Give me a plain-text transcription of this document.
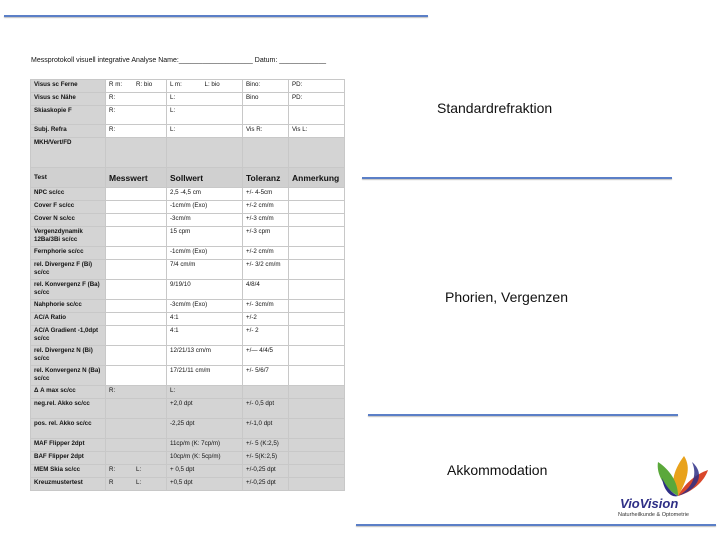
Messprotokoll visuell integrative Analyse Name:___________________ Datum: ____________
Visus sc Ferne	R m: R: bio	L m: L: bio	Bino:	PD:
Visus sc Nähe	R:	L:	Bino	PD:
Skiaskopie F	R:	L:		

Subj. Refra	R:	L:	Vis R:	Vis L:
MKH/Vert/FD	

Test	Messwert	Sollwert	Toleranz	Anmerkung
NPC sc/cc		2,5 -4,5 cm	+/- 4-5cm	
Cover F sc/cc		-1cm/m (Exo)	+/-2 cm/m	
Cover N sc/cc		-3cm/m	+/-3 cm/m	
Vergenzdynamik 12Ba/3Bi sc/cc		15 cpm	+/-3 cpm	
Fernphorie sc/cc		-1cm/m (Exo)	+/-2 cm/m	
rel. Divergenz F (Bi) sc/cc		7/4 cm/m	+/- 3/2 cm/m	
rel. Konvergenz F (Ba) sc/cc		9/19/10	4/8/4	
Nahphorie sc/cc		-3cm/m (Exo)	+/- 3cm/m	
AC/A Ratio		4:1	+/-2	
AC/A Gradient -1,0dpt sc/cc		4:1	+/- 2	
rel. Divergenz N (Bi) sc/cc		12/21/13 cm/m	+/— 4/4/5	
rel. Konvergenz N (Ba) sc/cc		17/21/11 cm/m	+/- 5/6/7	
Δ A max sc/cc	R:	L:		
neg.rel. Akko sc/cc		+2,0 dpt	+/- 0,5 dpt	
pos. rel. Akko sc/cc		-2,25 dpt	+/-1,0 dpt	
MAF Flipper 2dpt		11cp/m (K: 7cp/m)	+/- 5 (K:2,5)	
BAF Flipper 2dpt		10cp/m (K: 5cp/m)	+/- 5(K:2,5)	
MEM Skia sc/cc	R: L:	+ 0,5 dpt	+/-0,25 dpt	
Kreuzmustertest	R L:	+0,5 dpt	+/-0,25 dpt	
Standardrefraktion
Phorien, Vergenzen
Akkommodation
VioVision
Naturheilkunde & Optometrie
